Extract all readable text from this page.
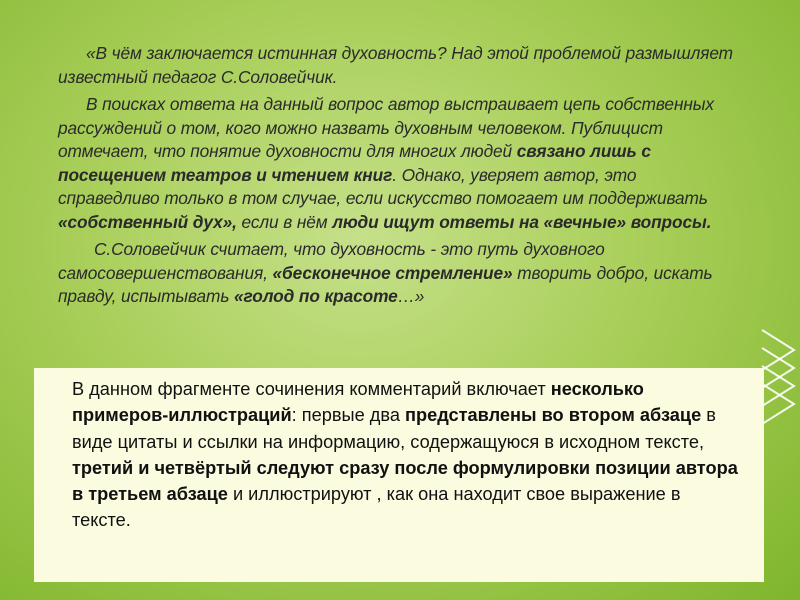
«В чём заключается истинная духовность? Над этой проблемой размышляет известный педагог С.Соловейчик.

В поисках ответа на данный вопрос автор выстраивает цепь собственных рассуждений о том, кого можно назвать духовным человеком. Публицист отмечает, что понятие духовности для многих людей связано лишь с посещением театров и чтением книг. Однако, уверяет автор, это справедливо только в том случае, если искусство помогает им поддерживать «собственный дух», если в нём люди ищут ответы на «вечные» вопросы.

С.Соловейчик считает, что духовность - это путь духовного самосовершенствования, «бесконечное стремление» творить добро, искать правду, испытывать «голод по красоте…»

В данном фрагменте сочинения комментарий включает несколько примеров-иллюстраций: первые два представлены во втором абзаце в виде цитаты и ссылки на информацию, содержащуюся в исходном тексте, третий и четвёртый следуют сразу после формулировки позиции автора в третьем абзаце и иллюстрируют , как она находит свое выражение в тексте.
